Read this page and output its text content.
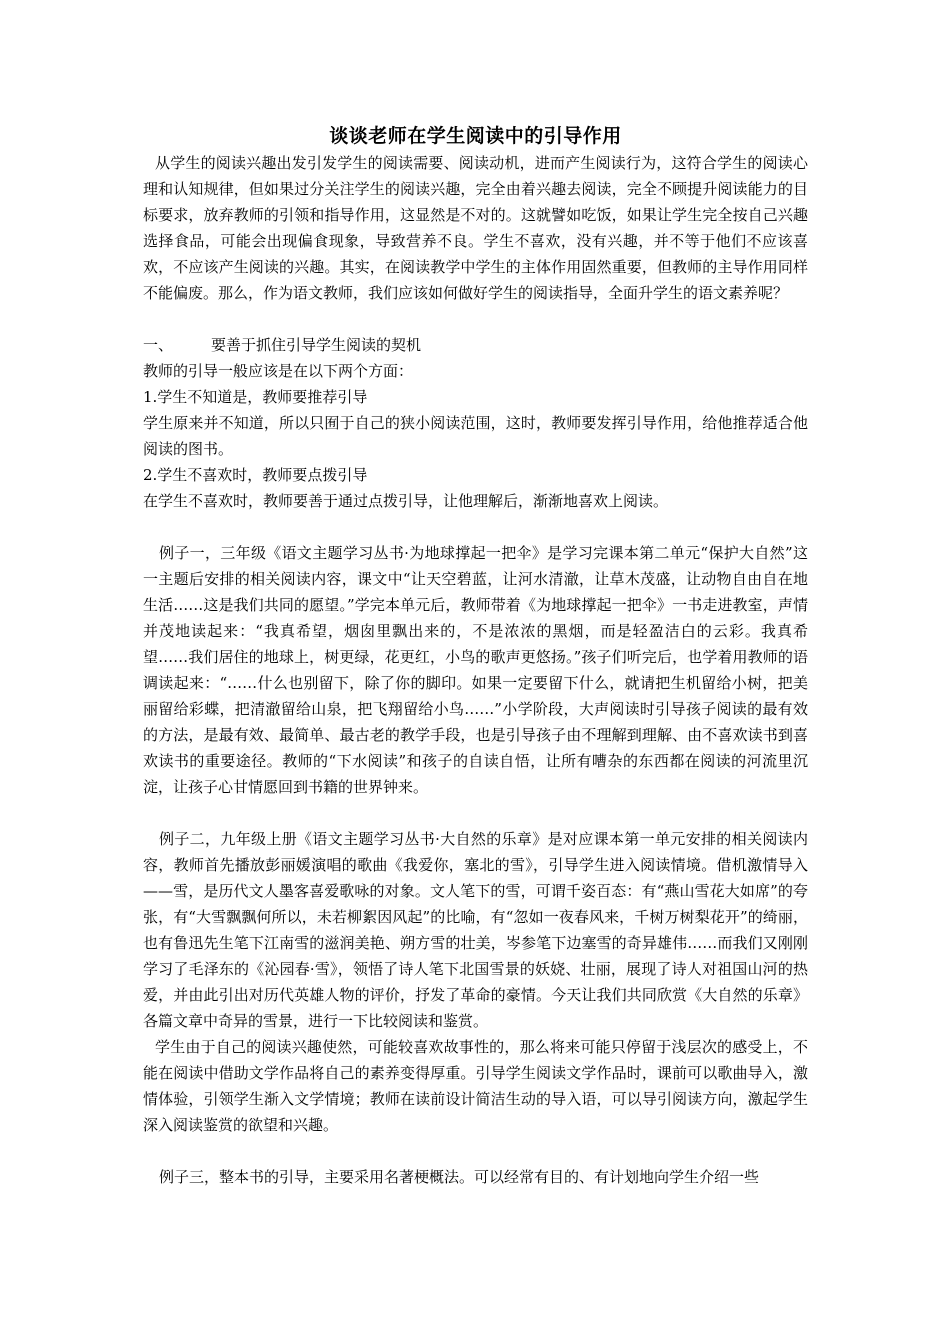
谈谈老师在学生阅读中的引导作用

从学生的阅读兴趣出发引发学生的阅读需要、阅读动机，进而产生阅读行为，这符合学生的阅读心理和认知规律，但如果过分关注学生的阅读兴趣，完全由着兴趣去阅读，完全不顾提升阅读能力的目标要求，放弃教师的引领和指导作用，这显然是不对的。这就譬如吃饭，如果让学生完全按自己兴趣选择食品，可能会出现偏食现象，导致营养不良。学生不喜欢，没有兴趣，并不等于他们不应该喜欢，不应该产生阅读的兴趣。其实，在阅读教学中学生的主体作用固然重要，但教师的主导作用同样不能偏废。那么，作为语文教师，我们应该如何做好学生的阅读指导，全面升学生的语文素养呢？

一、	要善于抓住引导学生阅读的契机

教师的引导一般应该是在以下两个方面：

1.学生不知道是，教师要推荐引导

学生原来并不知道，所以只囿于自己的狭小阅读范围，这时，教师要发挥引导作用，给他推荐适合他阅读的图书。

2.学生不喜欢时，教师要点拨引导

在学生不喜欢时，教师要善于通过点拨引导，让他理解后，渐渐地喜欢上阅读。

例子一，三年级《语文主题学习丛书·为地球撑起一把伞》是学习完课本第二单元“保护大自然”这一主题后安排的相关阅读内容，课文中“让天空碧蓝，让河水清澈，让草木茂盛，让动物自由自在地生活……这是我们共同的愿望。”学完本单元后，教师带着《为地球撑起一把伞》一书走进教室，声情并茂地读起来：“我真希望，烟囱里飘出来的，不是浓浓的黑烟，而是轻盈洁白的云彩。我真希望……我们居住的地球上，树更绿，花更红，小鸟的歌声更悠扬。”孩子们听完后，也学着用教师的语调读起来：“……什么也别留下，除了你的脚印。如果一定要留下什么，就请把生机留给小树，把美丽留给彩蝶，把清澈留给山泉，把飞翔留给小鸟……”小学阶段，大声阅读时引导孩子阅读的最有效的方法，是最有效、最简单、最古老的教学手段，也是引导孩子由不理解到理解、由不喜欢读书到喜欢读书的重要途径。教师的“下水阅读”和孩子的自读自悟，让所有嘈杂的东西都在阅读的河流里沉淀，让孩子心甘情愿回到书籍的世界钟来。

例子二，九年级上册《语文主题学习丛书·大自然的乐章》是对应课本第一单元安排的相关阅读内容，教师首先播放彭丽媛演唱的歌曲《我爱你，塞北的雪》，引导学生进入阅读情境。借机激情导入——雪，是历代文人墨客喜爱歌咏的对象。文人笔下的雪，可谓千姿百态：有“燕山雪花大如席”的夸张，有“大雪飘飘何所以，未若柳絮因风起”的比喻，有“忽如一夜春风来，千树万树梨花开”的绮丽，也有鲁迅先生笔下江南雪的滋润美艳、朔方雪的壮美，岑参笔下边塞雪的奇异雄伟……而我们又刚刚学习了毛泽东的《沁园春·雪》，领悟了诗人笔下北国雪景的妖娆、壮丽，展现了诗人对祖国山河的热爱，并由此引出对历代英雄人物的评价，抒发了革命的豪情。今天让我们共同欣赏《大自然的乐章》各篇文章中奇异的雪景，进行一下比较阅读和鉴赏。

学生由于自己的阅读兴趣使然，可能较喜欢故事性的，那么将来可能只停留于浅层次的感受上，不能在阅读中借助文学作品将自己的素养变得厚重。引导学生阅读文学作品时，课前可以歌曲导入，激情体验，引领学生渐入文学情境；教师在读前设计简洁生动的导入语，可以导引阅读方向，激起学生深入阅读鉴赏的欲望和兴趣。

例子三，整本书的引导，主要采用名著梗概法。可以经常有目的、有计划地向学生介绍一些
